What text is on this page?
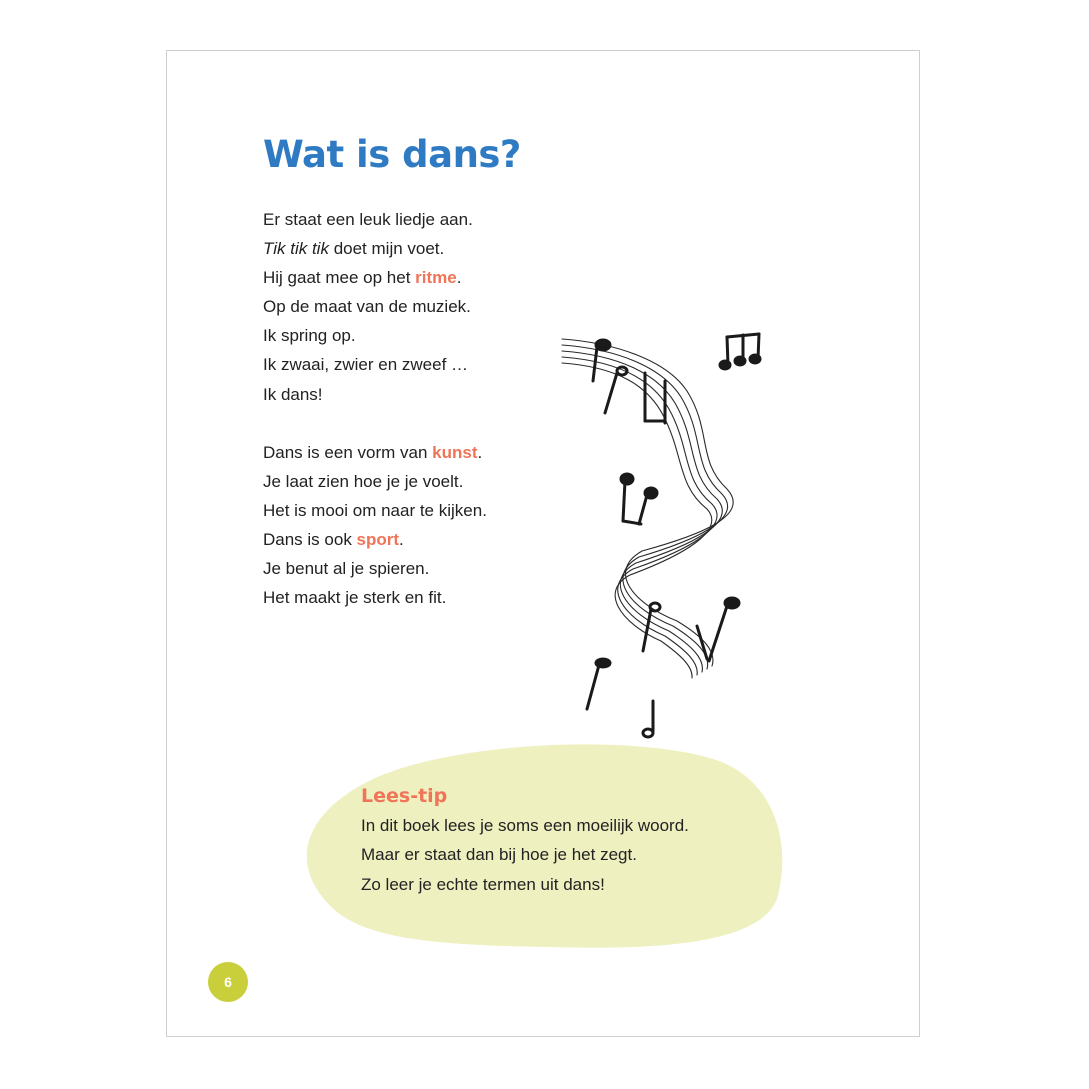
Wat is dans?
Er staat een leuk liedje aan.
Tik tik tik doet mijn voet.
Hij gaat mee op het ritme.
Op de maat van de muziek.
Ik spring op.
Ik zwaai, zwier en zweef …
Ik dans!
Dans is een vorm van kunst.
Je laat zien hoe je je voelt.
Het is mooi om naar te kijken.
Dans is ook sport.
Je benut al je spieren.
Het maakt je sterk en fit.
Lees-tip
In dit boek lees je soms een moeilijk woord.
Maar er staat dan bij hoe je het zegt.
Zo leer je echte termen uit dans!
6
